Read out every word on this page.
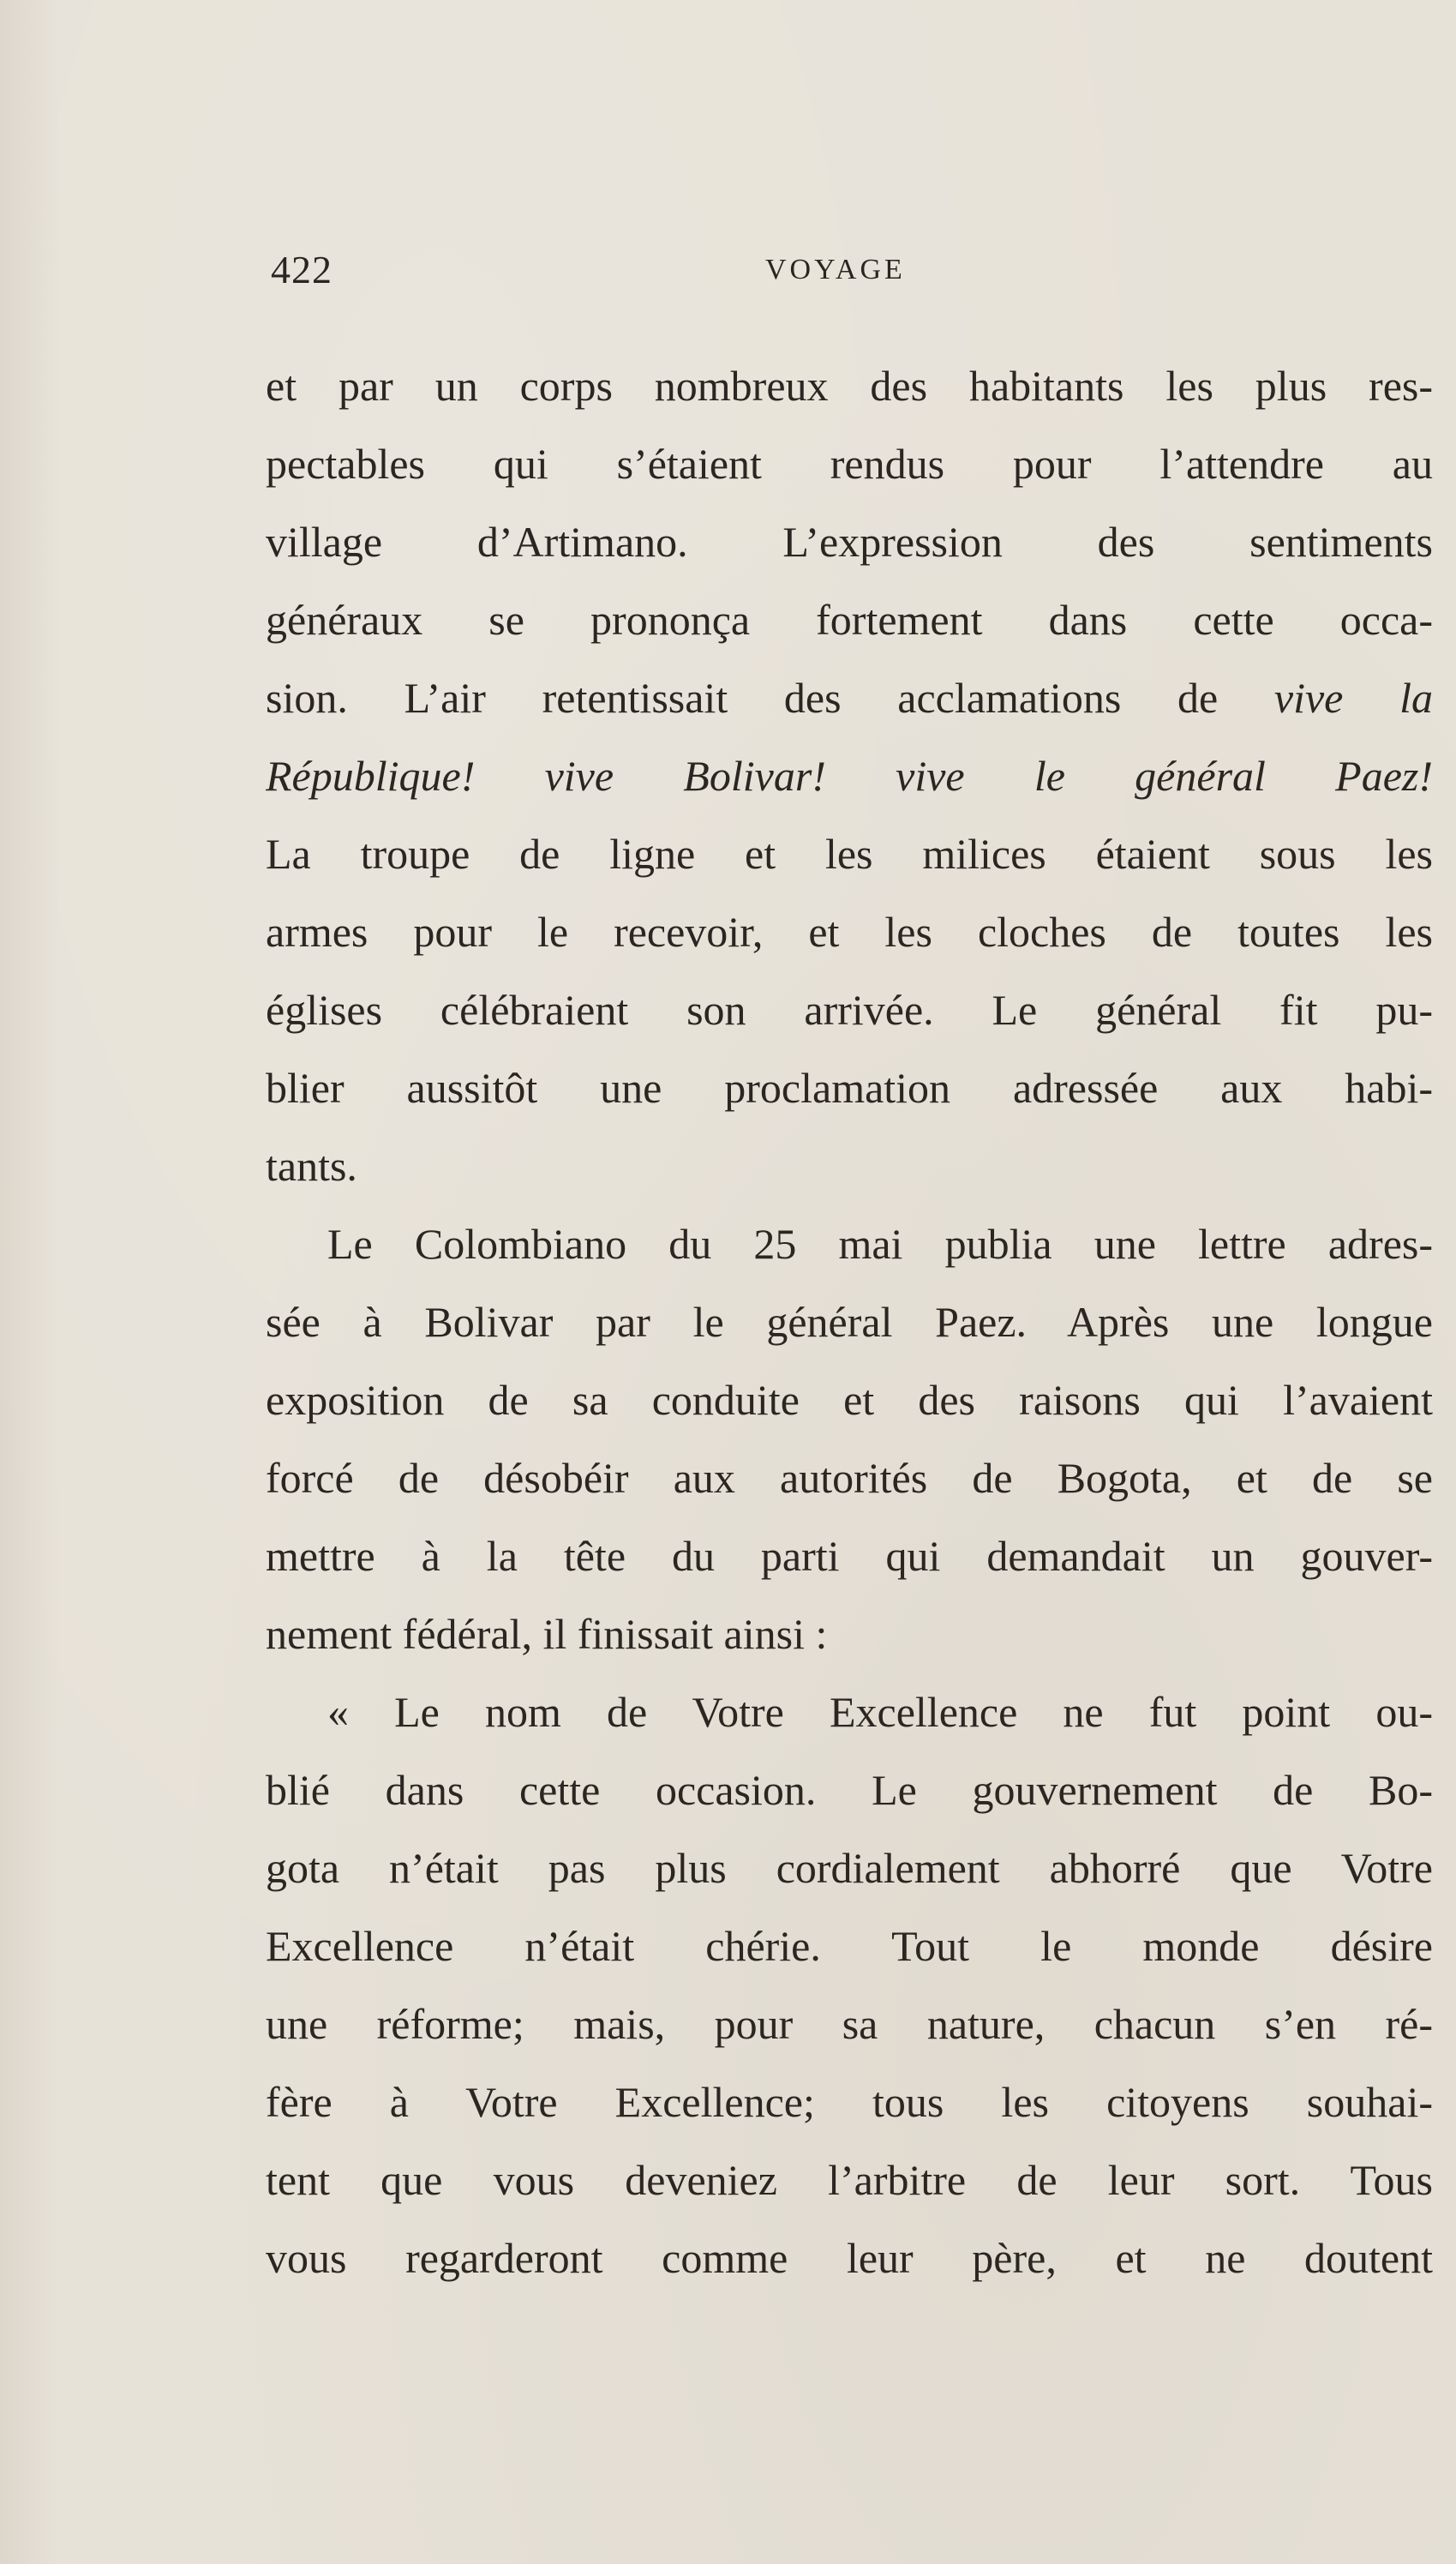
422	VOYAGE
et par un corps nombreux des habitants les plus res-
pectables qui s’étaient rendus pour l’attendre au
village d’Artimano. L’expression des sentiments
généraux se prononça fortement dans cette occa-
sion. L’air retentissait des acclamations de vive la
République! vive Bolivar! vive le général Paez!
La troupe de ligne et les milices étaient sous les
armes pour le recevoir, et les cloches de toutes les
églises célébraient son arrivée. Le général fit pu-
blier aussitôt une proclamation adressée aux habi-
tants.
Le Colombiano du 25 mai publia une lettre adres-
sée à Bolivar par le général Paez. Après une longue
exposition de sa conduite et des raisons qui l’avaient
forcé de désobéir aux autorités de Bogota, et de se
mettre à la tête du parti qui demandait un gouver-
nement fédéral, il finissait ainsi :
« Le nom de Votre Excellence ne fut point ou-
blié dans cette occasion. Le gouvernement de Bo-
gota n’était pas plus cordialement abhorré que Votre
Excellence n’était chérie. Tout le monde désire
une réforme; mais, pour sa nature, chacun s’en ré-
fère à Votre Excellence; tous les citoyens souhai-
tent que vous deveniez l’arbitre de leur sort. Tous
vous regarderont comme leur père, et ne doutent
